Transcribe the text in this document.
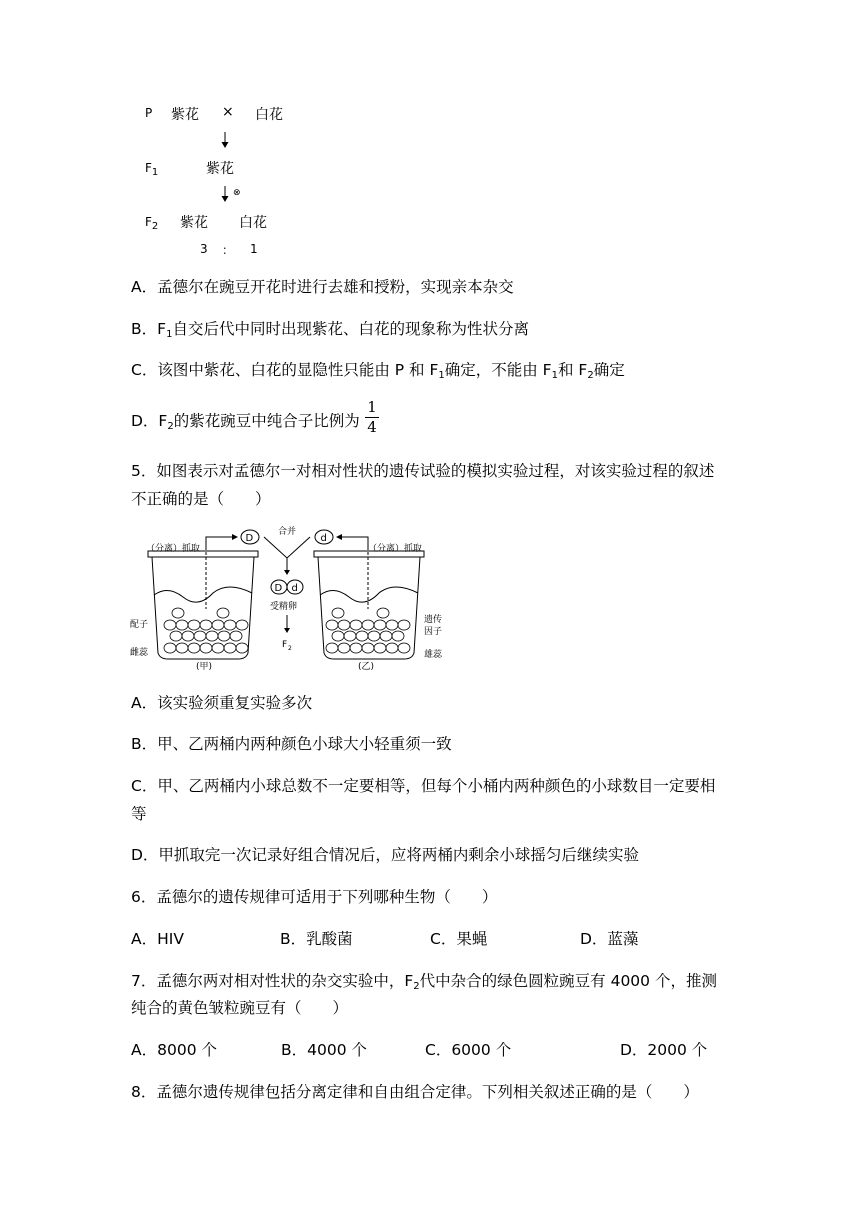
P 紫花 × 白花
$F_1$	紫花
⊗
$F_2$ 紫花 白花
3 ： 1
A．孟德尔在豌豆开花时进行去雄和授粉，实现亲本杂交
B．$F_1$自交后代中同时出现紫花、白花的现象称为性状分离
C．该图中紫花、白花的显隐性只能由 P 和 $F_1$确定，不能由 $F_1$和 $F_2$确定
D．$F_2$的紫花豌豆中纯合子比例为
1
4
5．如图表示对孟德尔一对相对性状的遗传试验的模拟实验过程，对该实验过程的叙述
不正确的是（　　）
（分离）抓取	（分离）抓取
合并
D	d
D d
受精卵
F 2
配子
雌蕊
遗传
因子
雄蕊
(甲)	(乙)
A．该实验须重复实验多次
B．甲、乙两桶内两种颜色小球大小轻重须一致
C．甲、乙两桶内小球总数不一定要相等，但每个小桶内两种颜色的小球数目一定要相
等
D．甲抓取完一次记录好组合情况后，应将两桶内剩余小球摇匀后继续实验
6．孟德尔的遗传规律可适用于下列哪种生物（　　）
A．HIV	B．乳酸菌	C．果蝇	D．蓝藻
7．孟德尔两对相对性状的杂交实验中，$F_2$代中杂合的绿色圆粒豌豆有 4000 个，推测
纯合的黄色皱粒豌豆有（　　）
A．8000 个	B．4000 个	C．6000 个	D．2000 个
8．孟德尔遗传规律包括分离定律和自由组合定律。下列相关叙述正确的是（　　）
